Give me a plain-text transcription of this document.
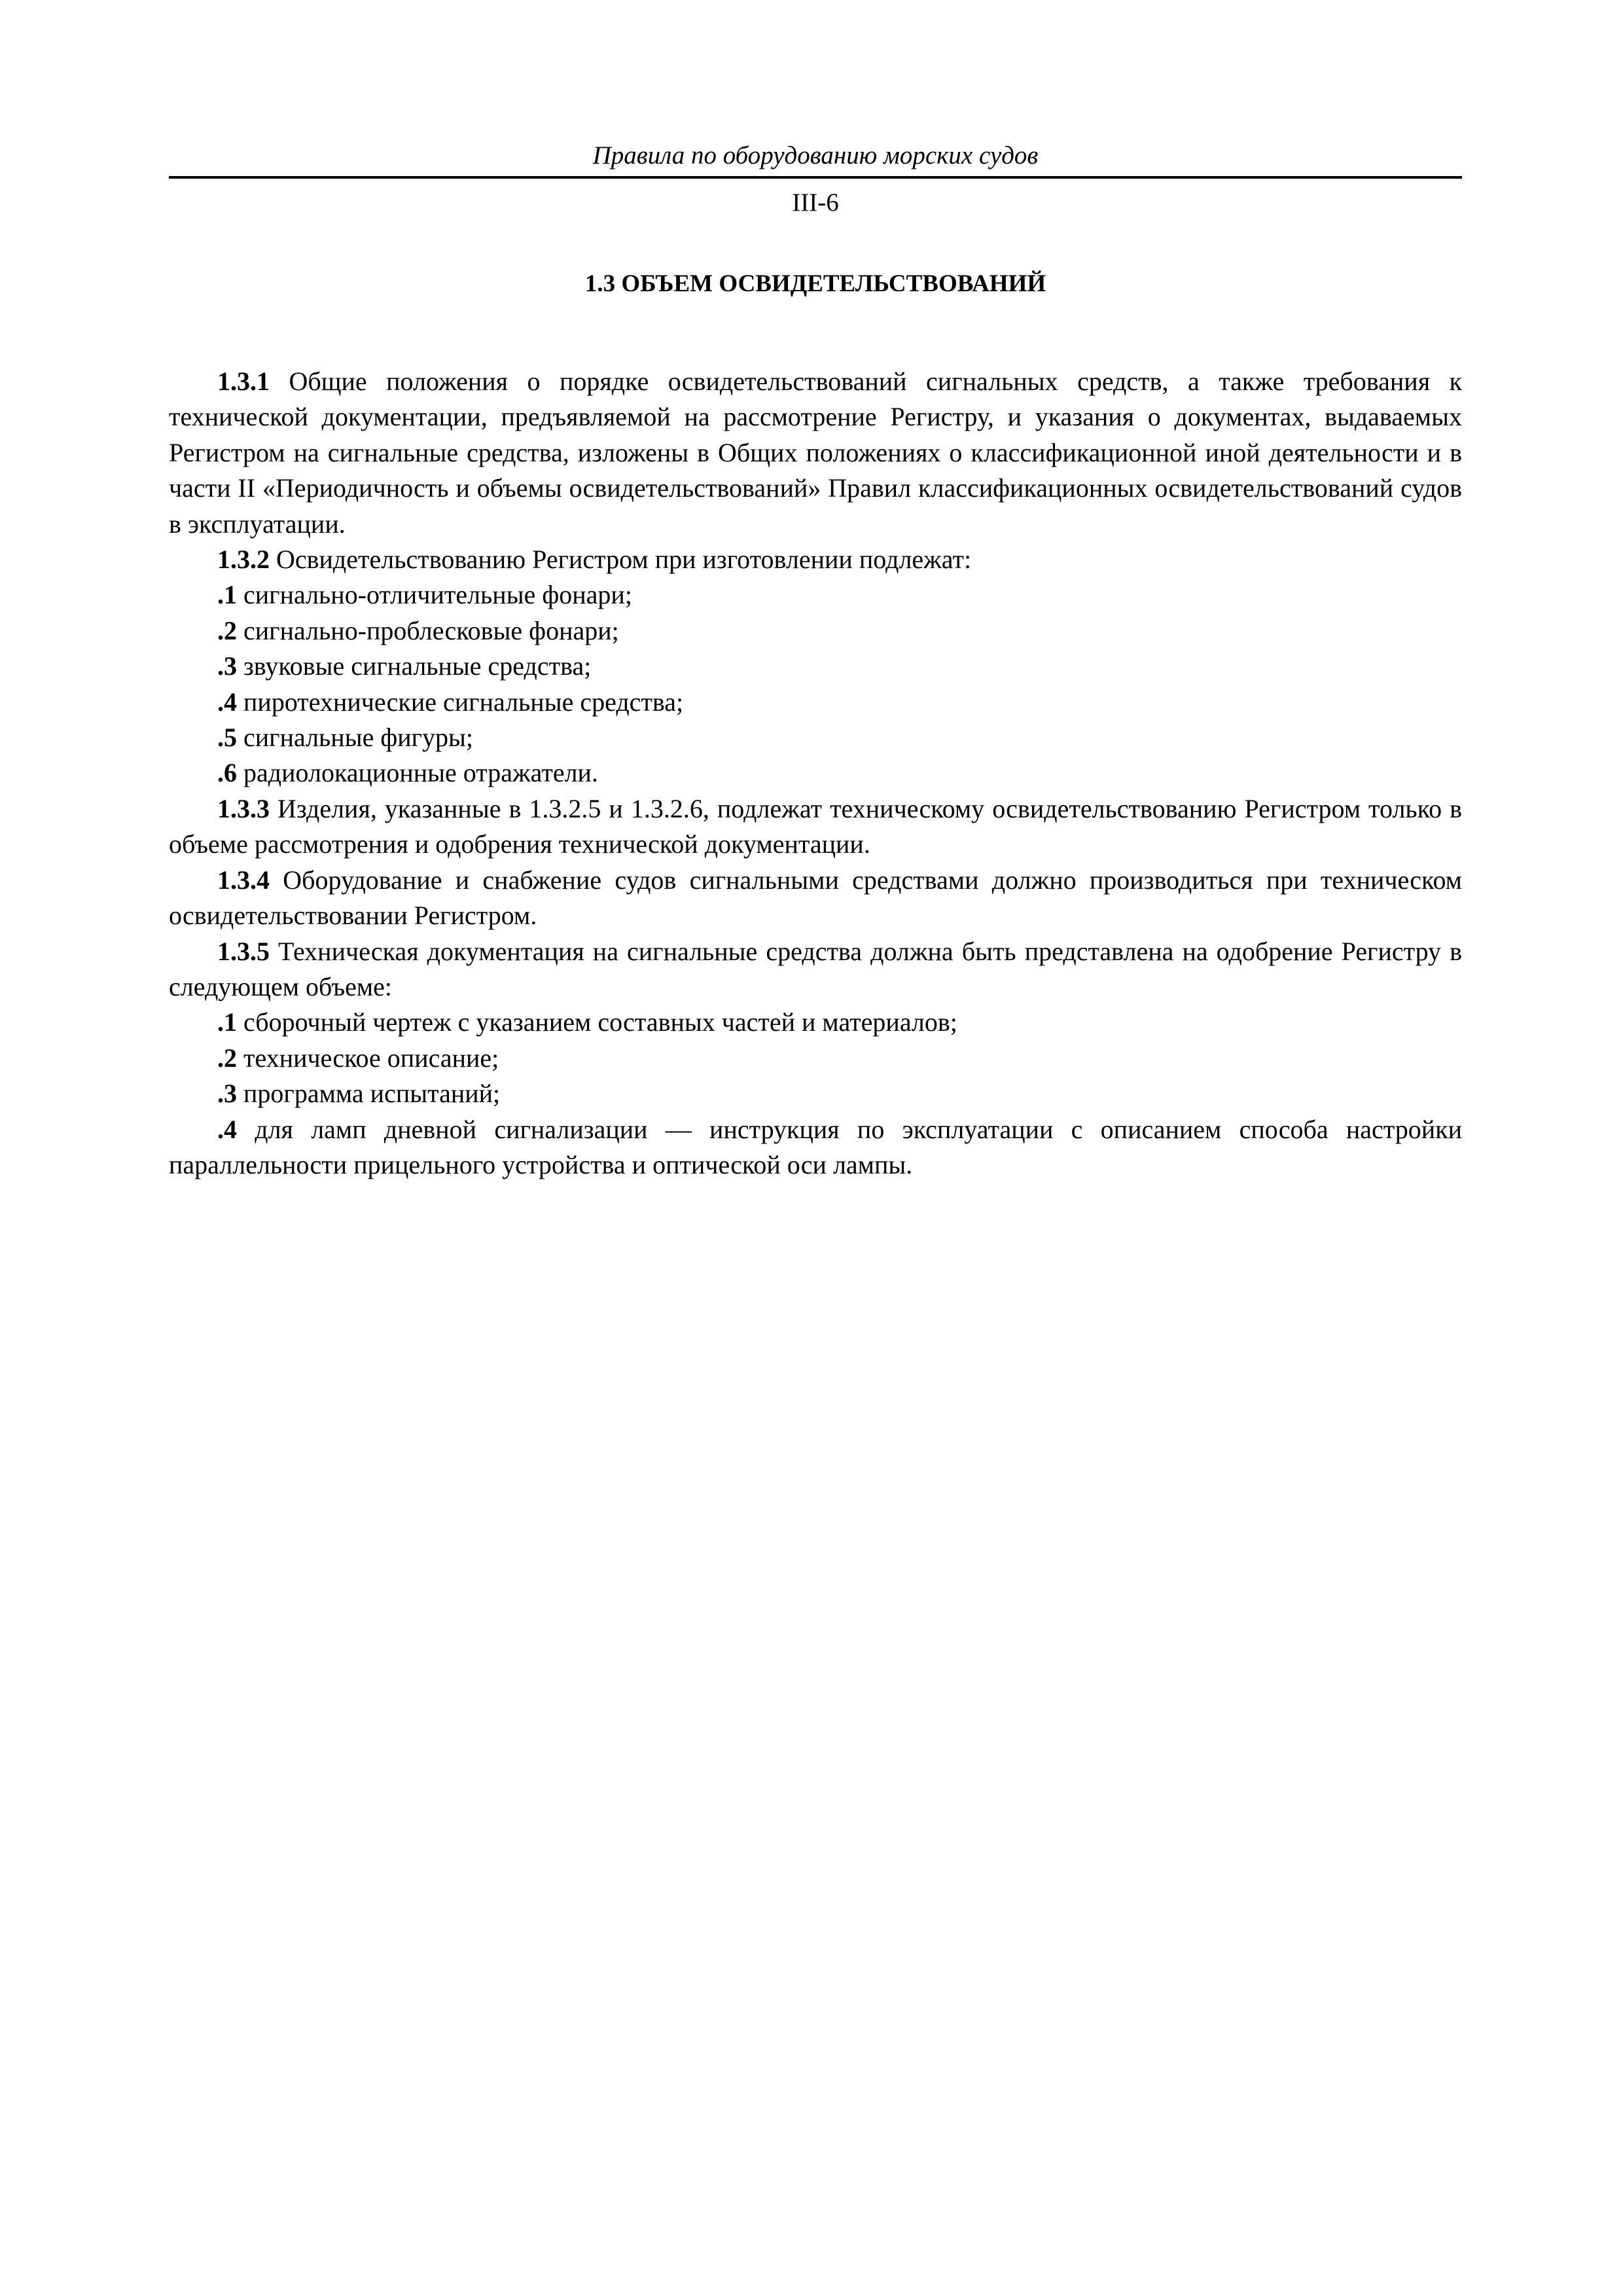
Правила по оборудованию морских судов
III-6
1.3 ОБЪЕМ ОСВИДЕТЕЛЬСТВОВАНИЙ

1.3.1 Общие положения о порядке освидетельствований сигнальных средств, а также требования к технической документации, предъявляемой на рассмотрение Регистру, и указания о документах, выдаваемых Регистром на сигнальные средства, изложены в Общих положениях о классификационной иной деятельности и в части II «Периодичность и объемы освидетельствований» Правил классификационных освидетельствований судов в эксплуатации.

1.3.2 Освидетельствованию Регистром при изготовлении подлежат:

.1 сигнально-отличительные фонари;

.2 сигнально-проблесковые фонари;

.3 звуковые сигнальные средства;

.4 пиротехнические сигнальные средства;

.5 сигнальные фигуры;

.6 радиолокационные отражатели.

1.3.3 Изделия, указанные в 1.3.2.5 и 1.3.2.6, подлежат техническому освидетельствованию Регистром только в объеме рассмотрения и одобрения технической документации.

1.3.4 Оборудование и снабжение судов сигнальными средствами должно производиться при техническом освидетельствовании Регистром.

1.3.5 Техническая документация на сигнальные средства должна быть представлена на одобрение Регистру в следующем объеме:

.1 сборочный чертеж с указанием составных частей и материалов;

.2 техническое описание;

.3 программа испытаний;

.4 для ламп дневной сигнализации — инструкция по эксплуатации с описанием способа настройки параллельности прицельного устройства и оптической оси лампы.
